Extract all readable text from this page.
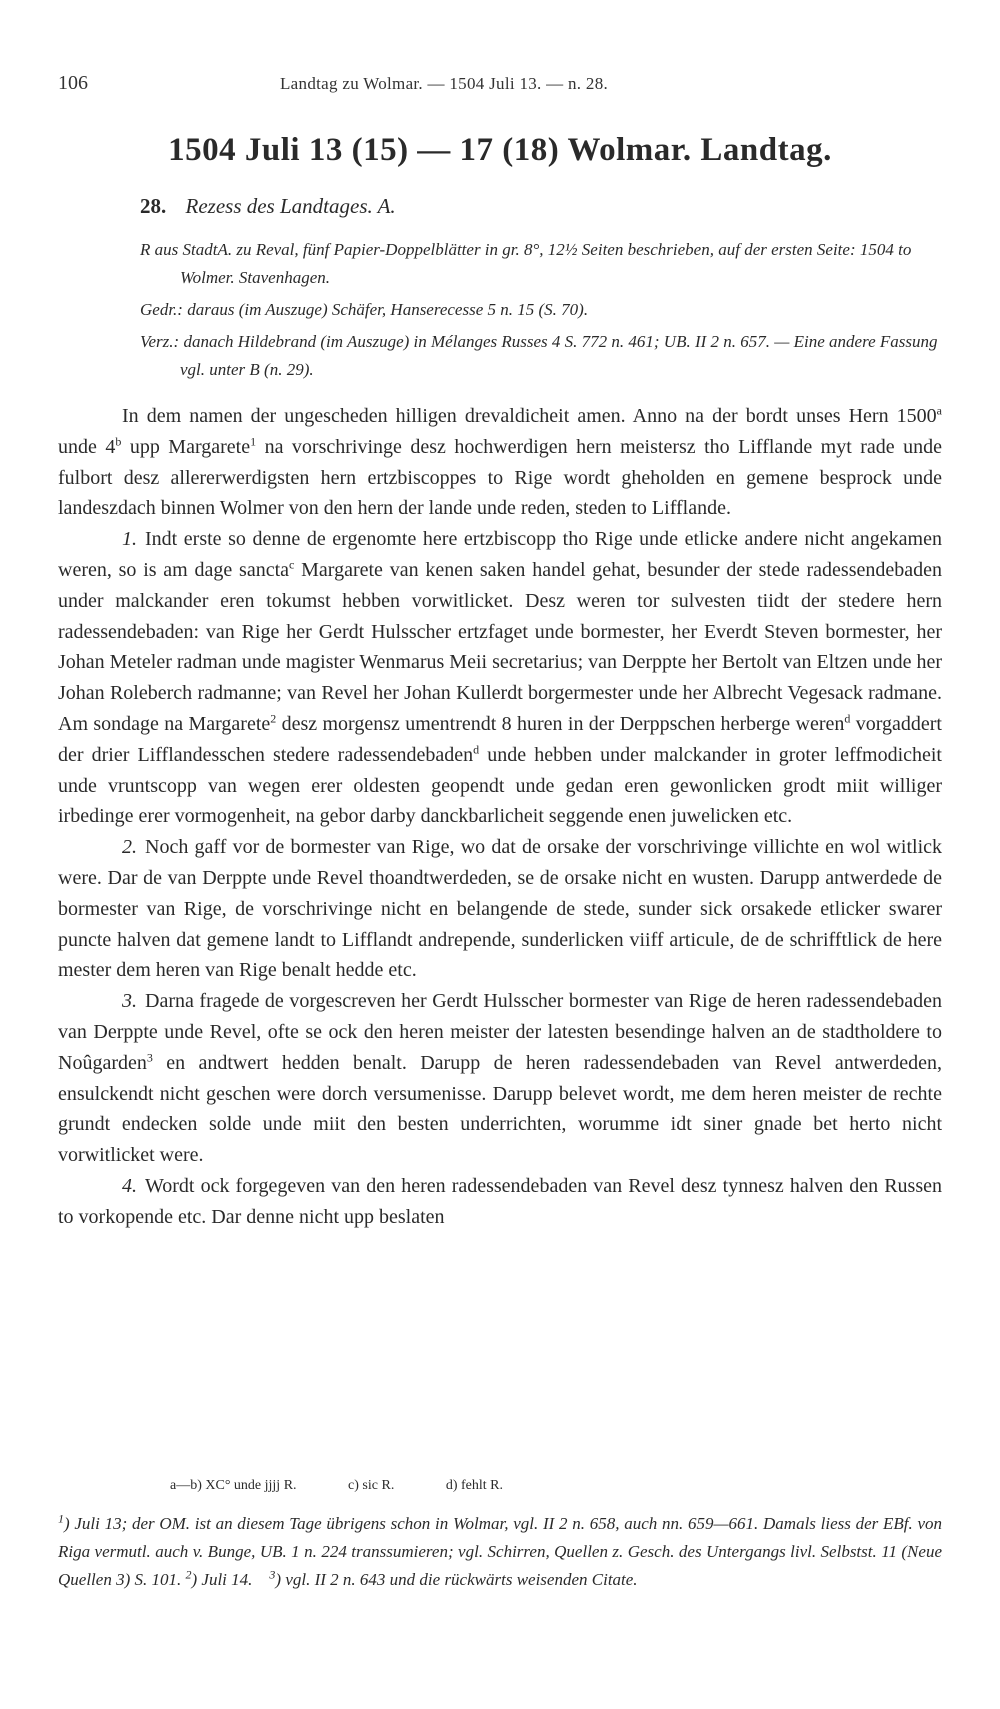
106	Landtag zu Wolmar. — 1504 Juli 13. — n. 28.
1504 Juli 13 (15) — 17 (18) Wolmar. Landtag.
28. Rezess des Landtages. A.

R aus StadtA. zu Reval, fünf Papier-Doppelblätter in gr. 8°, 12½ Seiten beschrieben, auf der ersten Seite: 1504 to Wolmer. Stavenhagen.

Gedr.: daraus (im Auszuge) Schäfer, Hanserecesse 5 n. 15 (S. 70).

Verz.: danach Hildebrand (im Auszuge) in Mélanges Russes 4 S. 772 n. 461; UB. II 2 n. 657. — Eine andere Fassung vgl. unter B (n. 29).

In dem namen der ungescheden hilligen drevaldicheit amen. Anno na der bordt unses Hern 1500$^a$ unde 4$^b$ upp Margarete$^1$ na vorschrivinge desz hochwerdigen hern meistersz tho Lifflande myt rade unde fulbort desz allererwerdigsten hern ertzbiscoppes to Rige wordt gheholden en gemene besprock unde landeszdach binnen Wolmer von den hern der lande unde reden, steden to Lifflande.

1. Indt erste so denne de ergenomte here ertzbiscopp tho Rige unde etlicke andere nicht angekamen weren, so is am dage sancta$^c$ Margarete van kenen saken handel gehat, besunder der stede radessendebaden under malckander eren tokumst hebben vorwitlicket. Desz weren tor sulvesten tiidt der stedere hern radessendebaden: van Rige her Gerdt Hulsscher ertzfaget unde bormester, her Everdt Steven bormester, her Johan Meteler radman unde magister Wenmarus Meii secretarius; van Derppte her Bertolt van Eltzen unde her Johan Roleberch radmanne; van Revel her Johan Kullerdt borgermester unde her Albrecht Vegesack radmane. Am sondage na Margarete$^2$ desz morgensz umentrendt 8 huren in der Derppschen herberge weren$^d$ vorgaddert der drier Lifflandesschen stedere radessendebaden$^d$ unde hebben under malckander in groter leffmodicheit unde vruntscopp van wegen erer oldesten geopendt unde gedan eren gewonlicken grodt miit williger irbedinge erer vormogenheit, na gebor darby danckbarlicheit seggende enen juwelicken etc.

2. Noch gaff vor de bormester van Rige, wo dat de orsake der vorschrivinge villichte en wol witlick were. Dar de van Derppte unde Revel thoandtwerdeden, se de orsake nicht en wusten. Darupp antwerdede de bormester van Rige, de vorschrivinge nicht en belangende de stede, sunder sick orsakede etlicker swarer puncte halven dat gemene landt to Lifflandt andrepende, sunderlicken viiff articule, de de schrifftlick de here mester dem heren van Rige benalt hedde etc.

3. Darna fragede de vorgescreven her Gerdt Hulsscher bormester van Rige de heren radessendebaden van Derppte unde Revel, ofte se ock den heren meister der latesten besendinge halven an de stadtholdere to Noûgarden$^3$ en andtwert hedden benalt. Darupp de heren radessendebaden van Revel antwerdeden, ensulckendt nicht geschen were dorch versumenisse. Darupp belevet wordt, me dem heren meister de rechte grundt endecken solde unde miit den besten underrichten, worumme idt siner gnade bet herto nicht vorwitlicket were.

4. Wordt ock forgegeven van den heren radessendebaden van Revel desz tynnesz halven den Russen to vorkopende etc. Dar denne nicht upp beslaten

a—b) XC° unde jjjj R.	c) sic R.	d) fehlt R.

$^1$) Juli 13; der OM. ist an diesem Tage übrigens schon in Wolmar, vgl. II 2 n. 658, auch nn. 659—661. Damals liess der EBf. von Riga vermutl. auch v. Bunge, UB. 1 n. 224 transsumieren; vgl. Schirren, Quellen z. Gesch. des Untergangs livl. Selbstst. 11 (Neue Quellen 3) S. 101. $^2$) Juli 14. $^3$) vgl. II 2 n. 643 und die rückwärts weisenden Citate.
